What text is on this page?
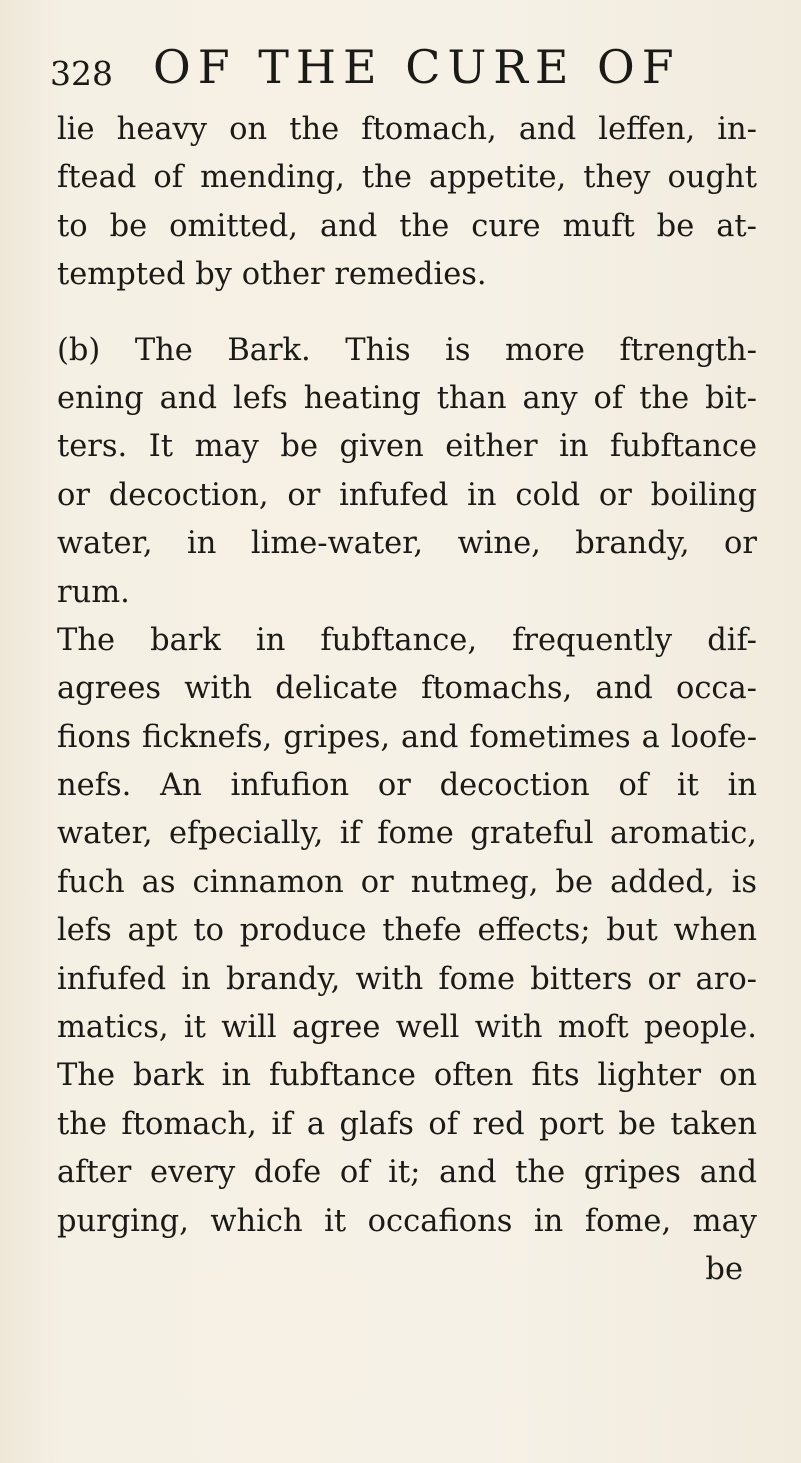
328 OF THE CURE OF
lie heavy on the ftomach, and leffen, in-
ftead of mending, the appetite, they ought
to be omitted, and the cure muft be at-
tempted by other remedies.
(b) The Bark. This is more ftrength-
ening and lefs heating than any of the bit-
ters. It may be given either in fubftance
or decoction, or infufed in cold or boiling
water, in lime-water, wine, brandy, or
rum.
The bark in fubftance, frequently dif-
agrees with delicate ftomachs, and occa-
fions ficknefs, gripes, and fometimes a loofe-
nefs. An infufion or decoction of it in
water, efpecially, if fome grateful aromatic,
fuch as cinnamon or nutmeg, be added, is
lefs apt to produce thefe effects; but when
infufed in brandy, with fome bitters or aro-
matics, it will agree well with moft people.
The bark in fubftance often fits lighter on
the ftomach, if a glafs of red port be taken
after every dofe of it; and the gripes and
purging, which it occafions in fome, may
be
